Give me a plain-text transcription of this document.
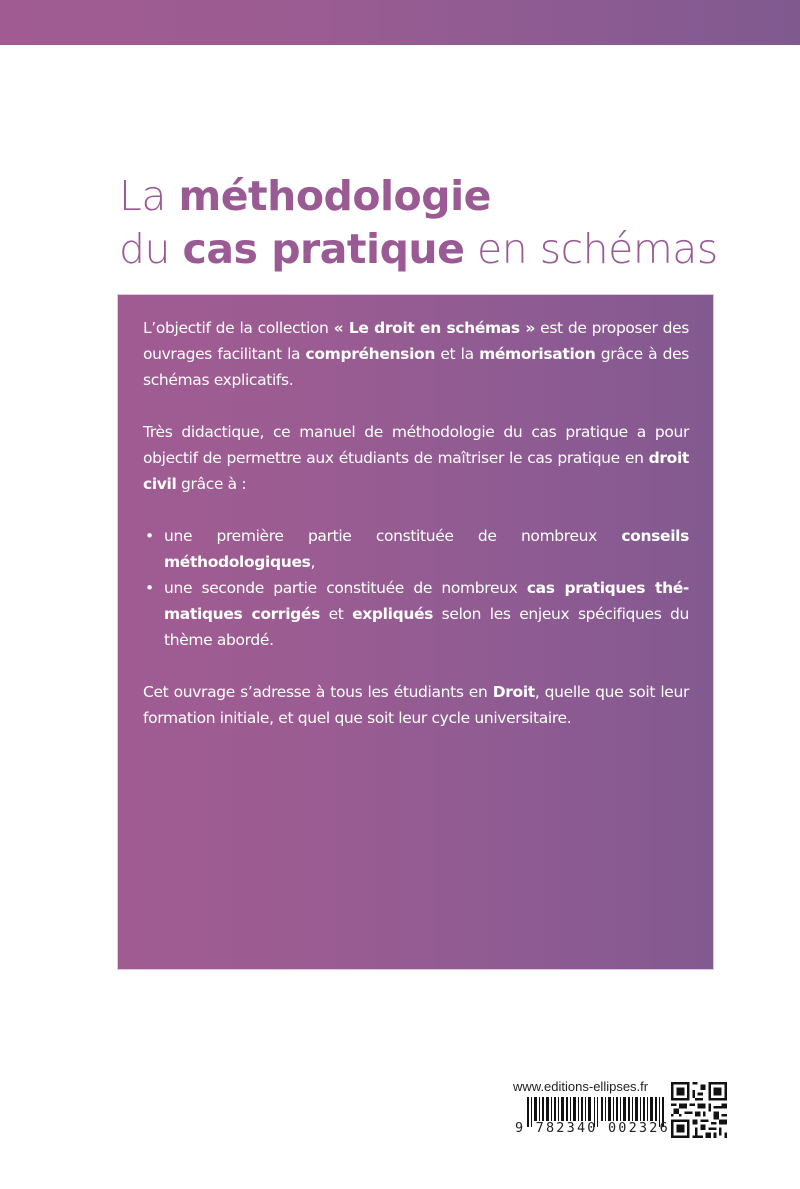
La méthodologie
du cas pratique en schémas

L’objectif de la collection « Le droit en schémas » est de proposer des ouvrages facilitant la compréhension et la mémorisation grâce à des schémas explicatifs.

Très didactique, ce manuel de méthodologie du cas pratique a pour objectif de permettre aux étudiants de maîtriser le cas pratique en droit civil grâce à :

• une première partie constituée de nombreux conseils méthodologiques,
• une seconde partie constituée de nombreux cas pratiques thé-matiques corrigés et expliqués selon les enjeux spécifiques du thème abordé.

Cet ouvrage s’adresse à tous les étudiants en Droit, quelle que soit leur formation initiale, et quel que soit leur cycle universitaire.

www.editions-ellipses.fr
9 782340 002326
